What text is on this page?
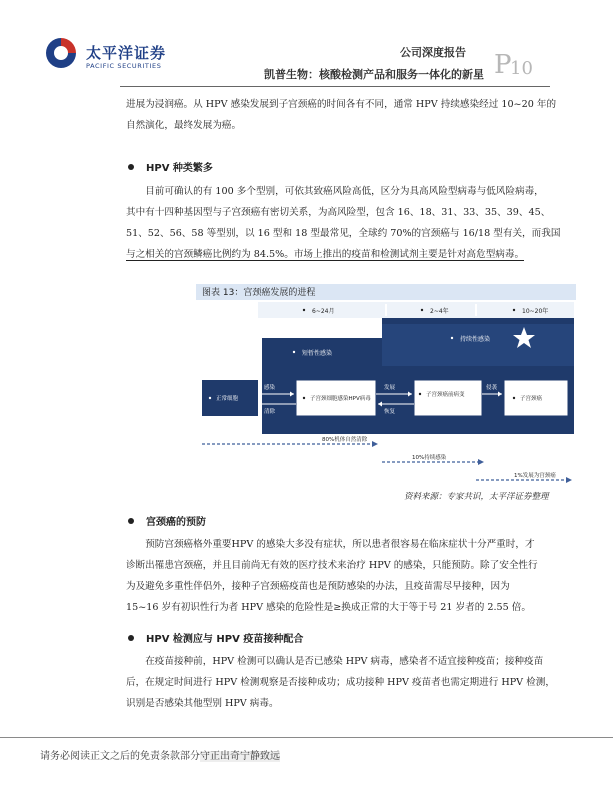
太平洋证券
PACIFIC SECURITIES
公司深度报告
凯普生物：核酸检测产品和服务一体化的新星 P
10

进展为浸润癌。从 HPV 感染发展到子宫颈癌的时间各有不同，通常 HPV 持续感染经过 10~20 年的
自然演化，最终发展为癌。

HPV 种类繁多

目前可确认的有 100 多个型别，可依其致癌风险高低，区分为具高风险型病毒与低风险病毒，
其中有十四种基因型与子宫颈癌有密切关系，为高风险型，包含 16、18、31、33、35、39、45、
51、52、56、58 等型别，以 16 型和 18 型最常见，全球约 70%的宫颈癌与 16/18 型有关，而我国
与之相关的宫颈鳞癌比例约为 84.5%。市场上推出的疫苗和检测试剂主要是针对高危型病毒。

图表 13：宫颈癌发展的进程
6~24月	2~4年	10~20年
持续性感染
短暂性感染
正常细胞	子宫颈细胞感染HPV病毒
子宫颈癌前病变
子宫颈癌
感染
清除
发展
恢复
侵袭
80%机体自然清除
10%持续感染
1%发展为宫颈癌
资料来源：专家共识，太平洋证券整理
宫颈癌的预防

预防宫颈癌格外重要HPV 的感染大多没有症状，所以患者很容易在临床症状十分严重时，才
诊断出罹患宫颈癌，并且目前尚无有效的医疗技术来治疗 HPV 的感染，只能预防。除了安全性行
为及避免多重性伴侣外，接种子宫颈癌疫苗也是预防感染的办法，且疫苗需尽早接种，因为
15~16 岁有初识性行为者 HPV 感染的危险性是≥换成正常的大于等于号 21 岁者的 2.55 倍。

HPV 检测应与 HPV 疫苗接种配合

在疫苗接种前，HPV 检测可以确认是否已感染 HPV 病毒，感染者不适宜接种疫苗；接种疫苗
后，在规定时间进行 HPV 检测观察是否接种成功；成功接种 HPV 疫苗者也需定期进行 HPV 检测，
识别是否感染其他型别 HPV 病毒。

请务必阅读正文之后的免责条款部分守正出奇宁静致远
